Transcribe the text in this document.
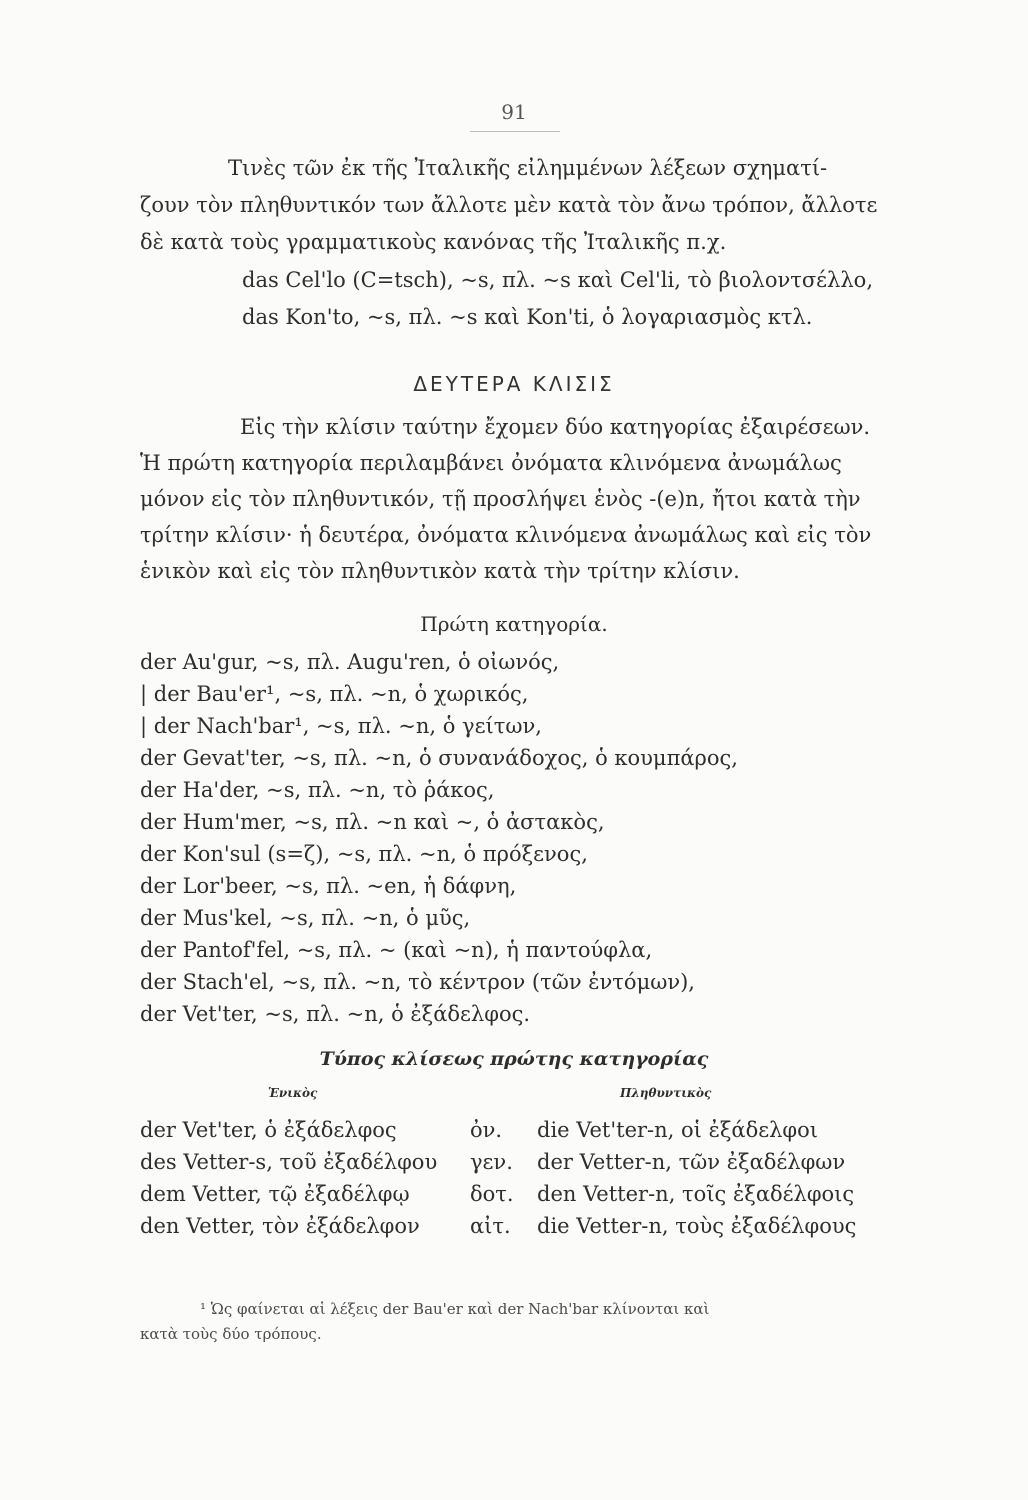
91
Τινὲς τῶν ἐκ τῆς Ἰταλικῆς εἰλημμένων λέξεων σχηματί-
ζουν τὸν πληθυντικόν των ἄλλοτε μὲν κατὰ τὸν ἄνω τρόπον, ἄλλοτε
δὲ κατὰ τοὺς γραμματικοὺς κανόνας τῆς Ἰταλικῆς π.χ.
das Cel'lo (C=tsch), ~s, πλ. ~s καὶ Cel'li, τὸ βιολοντσέλλο,
das Kon'to, ~s, πλ. ~s καὶ Kon'ti, ὁ λογαριασμὸς κτλ.
ΔΕΥΤΕΡΑ ΚΛΙΣΙΣ
Εἰς τὴν κλίσιν ταύτην ἔχομεν δύο κατηγορίας ἐξαιρέσεων.
Ἡ πρώτη κατηγορία περιλαμβάνει ὀνόματα κλινόμενα ἀνωμάλως
μόνον εἰς τὸν πληθυντικόν, τῇ προσλήψει ἑνὸς -(e)n, ἤτοι κατὰ τὴν
τρίτην κλίσιν· ἡ δευτέρα, ὀνόματα κλινόμενα ἀνωμάλως καὶ εἰς τὸν
ἑνικὸν καὶ εἰς τὸν πληθυντικὸν κατὰ τὴν τρίτην κλίσιν.
Πρώτη κατηγορία.
der Au'gur, ~s, πλ. Augu'ren, ὁ οἰωνός,
| der Bau'er¹, ~s, πλ. ~n, ὁ χωρικός,
| der Nach'bar¹, ~s, πλ. ~n, ὁ γείτων,
der Gevat'ter, ~s, πλ. ~n, ὁ συνανάδοχος, ὁ κουμπάρος,
der Ha'der, ~s, πλ. ~n, τὸ ῥάκος,
der Hum'mer, ~s, πλ. ~n καὶ ~, ὁ ἀστακὸς,
der Kon'sul (s=ζ), ~s, πλ. ~n, ὁ πρόξενος,
der Lor'beer, ~s, πλ. ~en, ἡ δάφνη,
der Mus'kel, ~s, πλ. ~n, ὁ μῦς,
der Pantof'fel, ~s, πλ. ~ (καὶ ~n), ἡ παντούφλα,
der Stach'el, ~s, πλ. ~n, τὸ κέντρον (τῶν ἐντόμων),
der Vet'ter, ~s, πλ. ~n, ὁ ἐξάδελφος.
Τύπος κλίσεως πρώτης κατηγορίας
Ἑνικὸς	Πληθυντικὸς
der Vet'ter, ὁ ἐξάδελφος	ὀν. die Vet'ter-n, οἱ ἐξάδελφοι
des Vetter-s, τοῦ ἐξαδέλφου γεν. der Vetter-n, τῶν ἐξαδέλφων
dem Vetter, τῷ ἐξαδέλφῳ	δοτ. den Vetter-n, τοῖς ἐξαδέλφοις
den Vetter, τὸν ἐξάδελφον αἰτ. die Vetter-n, τοὺς ἐξαδέλφους
¹ Ὡς φαίνεται αἱ λέξεις der Bau'er καὶ der Nach'bar κλίνονται καὶ
κατὰ τοὺς δύο τρόπους.
